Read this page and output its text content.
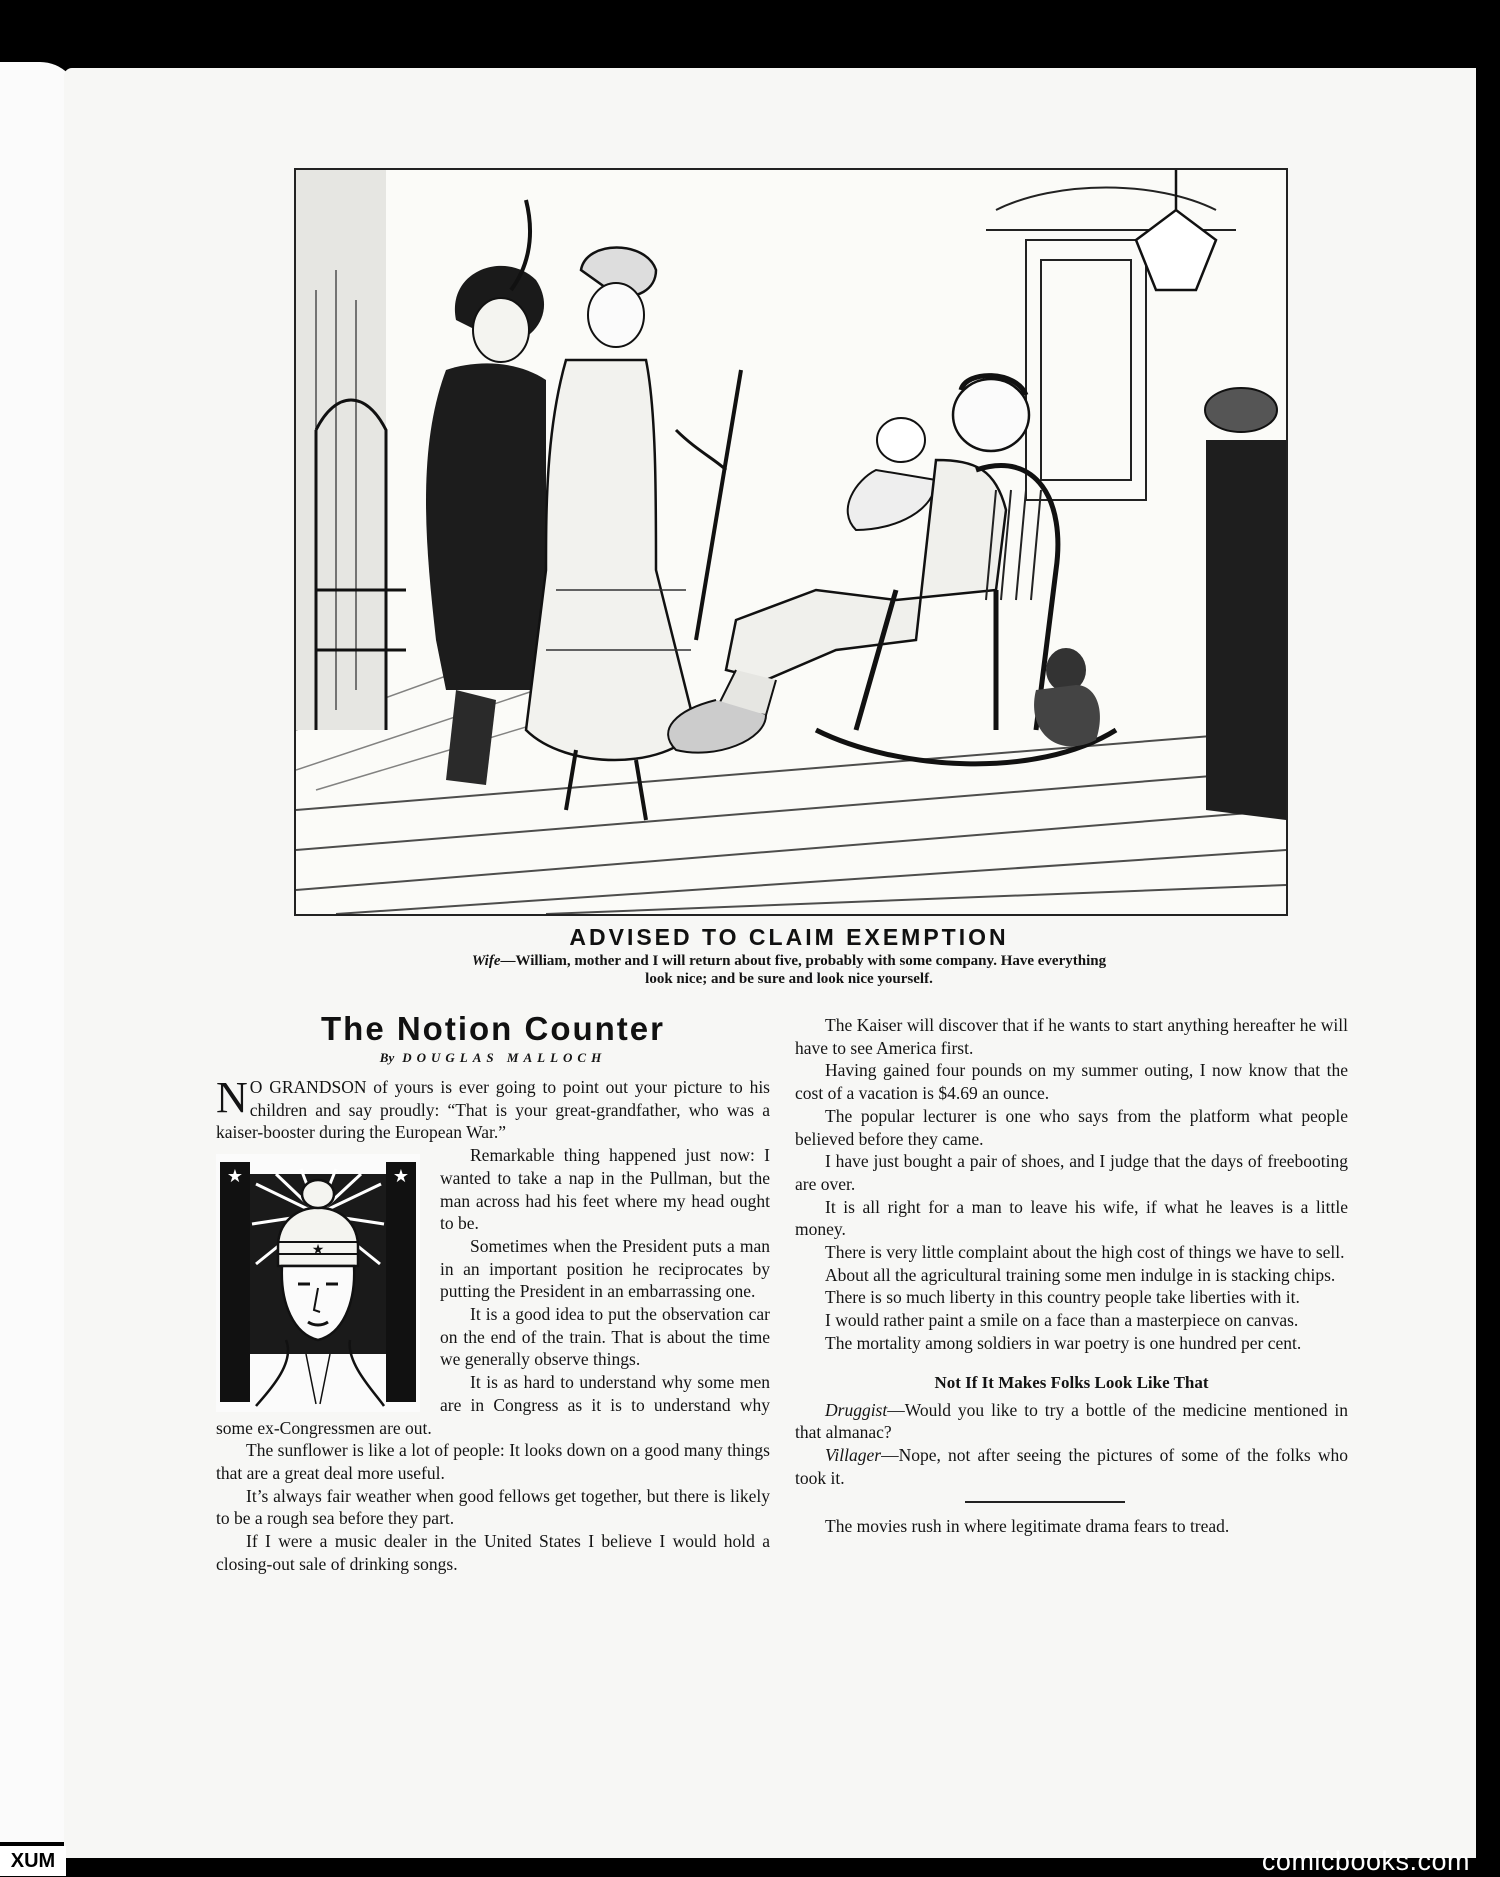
ADVISED TO CLAIM EXEMPTION
Wife—William, mother and I will return about five, probably with some company. Have everything
look nice; and be sure and look nice yourself.
The Notion Counter

By DOUGLAS MALLOCH

N O GRANDSON of yours is ever going to point out your picture to his children and say proudly: “That is your great-grandfather, who was a kaiser-booster during the European War.”

★	★
★

Remarkable thing happened just now: I wanted to take a nap in the Pullman, but the man across had his feet where my head ought to be.

Sometimes when the President puts a man in an important position he reciprocates by putting the President in an embarrassing one.

It is a good idea to put the observation car on the end of the train. That is about the time we generally observe things.

It is as hard to understand why some men are in Congress as it is to understand why some ex-Congressmen are out.

The sunflower is like a lot of people: It looks down on a good many things that are a great deal more useful.

It’s always fair weather when good fellows get together, but there is likely to be a rough sea before they part.

If I were a music dealer in the United States I believe I would hold a closing-out sale of drinking songs.

The Kaiser will discover that if he wants to start anything hereafter he will have to see America first.

Having gained four pounds on my summer outing, I now know that the cost of a vacation is $4.69 an ounce.

The popular lecturer is one who says from the platform what people believed before they came.

I have just bought a pair of shoes, and I judge that the days of freebooting are over.

It is all right for a man to leave his wife, if what he leaves is a little money.

There is very little complaint about the high cost of things we have to sell.

About all the agricultural training some men indulge in is stacking chips.

There is so much liberty in this country people take liberties with it.

I would rather paint a smile on a face than a masterpiece on canvas.

The mortality among soldiers in war poetry is one hundred per cent.

Not If It Makes Folks Look Like That

Druggist—Would you like to try a bottle of the medicine mentioned in that almanac?

Villager—Nope, not after seeing the pictures of some of the folks who took it.

The movies rush in where legitimate drama fears to tread.

XUM	comicbooks.com
